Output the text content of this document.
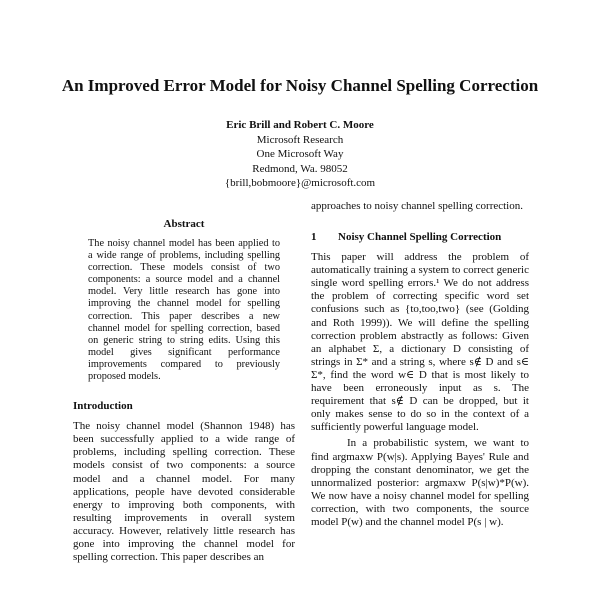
An Improved Error Model for Noisy Channel Spelling Correction
Eric Brill and Robert C. Moore
Microsoft Research
One Microsoft Way
Redmond, Wa. 98052
{brill,bobmoore}@microsoft.com
Abstract

The noisy channel model has been applied to a wide range of problems, including spelling correction. These models consist of two components: a source model and a channel model. Very little research has gone into improving the channel model for spelling correction. This paper describes a new channel model for spelling correction, based on generic string to string edits. Using this model gives significant performance improvements compared to previously proposed models.

Introduction

The noisy channel model (Shannon 1948) has been successfully applied to a wide range of problems, including spelling correction. These models consist of two components: a source model and a channel model. For many applications, people have devoted considerable energy to improving both components, with resulting improvements in overall system accuracy. However, relatively little research has gone into improving the channel model for spelling correction. This paper describes an

approaches to noisy channel spelling correction.

1 Noisy Channel Spelling Correction

This paper will address the problem of automatically training a system to correct generic single word spelling errors.¹ We do not address the problem of correcting specific word set confusions such as {to,too,two} (see (Golding and Roth 1999)). We will define the spelling correction problem abstractly as follows: Given an alphabet Σ, a dictionary D consisting of strings in Σ* and a string s, where s∉ D and s∈ Σ*, find the word w∈ D that is most likely to have been erroneously input as s. The requirement that s∉ D can be dropped, but it only makes sense to do so in the context of a sufficiently powerful language model.

In a probabilistic system, we want to find argmaxw P(w|s). Applying Bayes' Rule and dropping the constant denominator, we get the unnormalized posterior: argmaxw P(s|w)*P(w). We now have a noisy channel model for spelling correction, with two components, the source model P(w) and the channel model P(s | w).
